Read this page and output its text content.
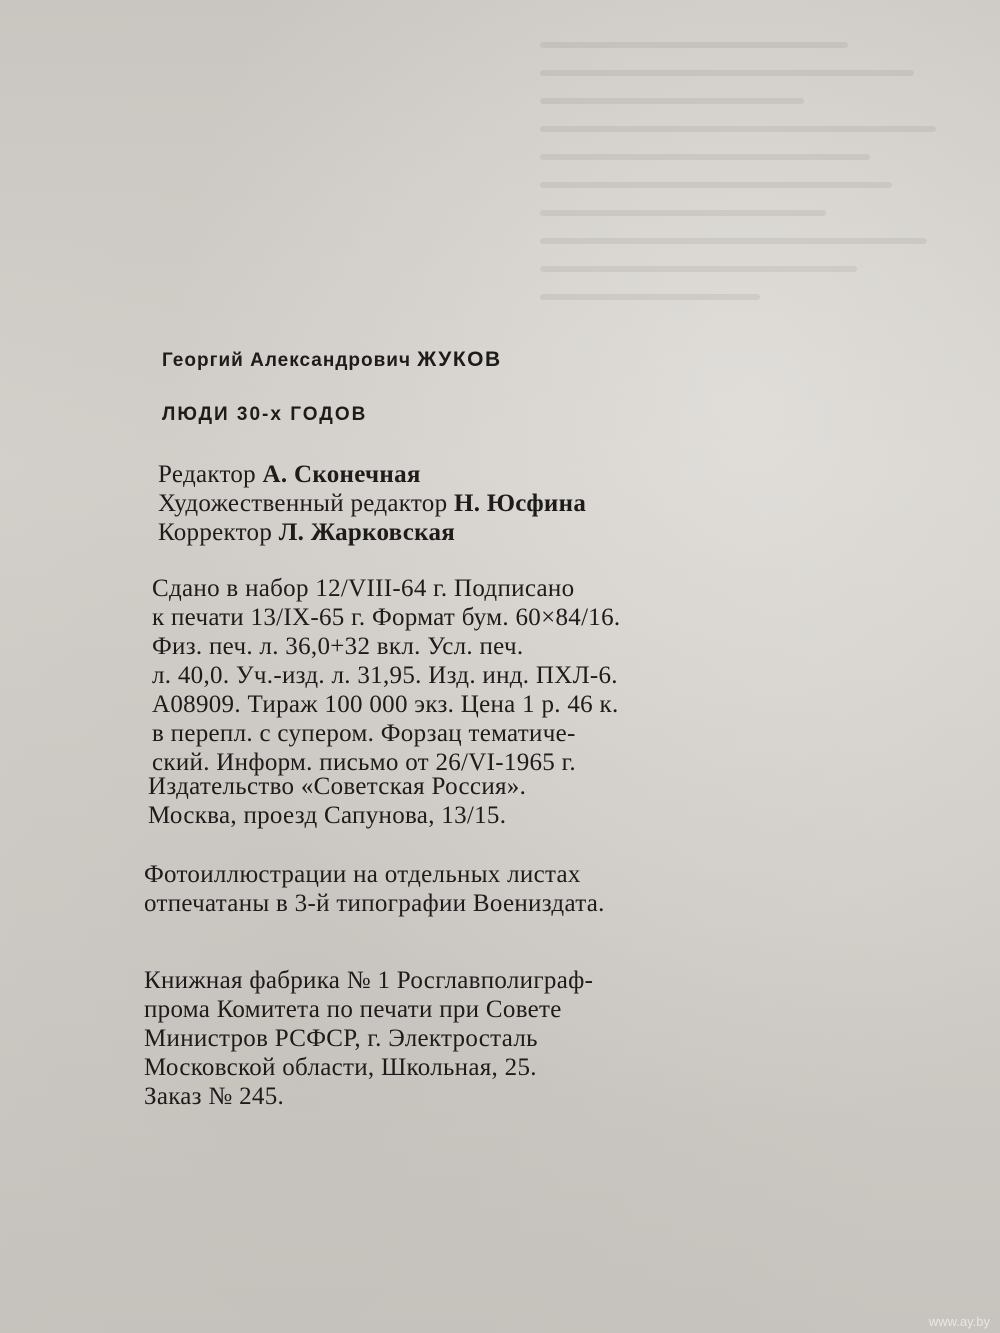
Георгий Александрович ЖУКОВ
ЛЮДИ 30-х ГОДОВ
Редактор А. Сконечная
Художественный редактор Н. Юсфина
Корректор Л. Жарковская
Сдано в набор 12/VIII-64 г. Подписано
к печати 13/IX-65 г. Формат бум. 60×84/16.
Физ. печ. л. 36,0+32 вкл. Усл. печ.
л. 40,0. Уч.-изд. л. 31,95. Изд. инд. ПХЛ-6.
А08909. Тираж 100 000 экз. Цена 1 р. 46 к.
в перепл. с супером. Форзац тематиче-
ский. Информ. письмо от 26/VI-1965 г.
Издательство «Советская Россия».
Москва, проезд Сапунова, 13/15.
Фотоиллюстрации на отдельных листах
отпечатаны в 3-й типографии Воениздата.
Книжная фабрика № 1 Росглавполиграф-
прома Комитета по печати при Совете
Министров РСФСР, г. Электросталь
Московской области, Школьная, 25.
Заказ № 245.
www.ay.by
